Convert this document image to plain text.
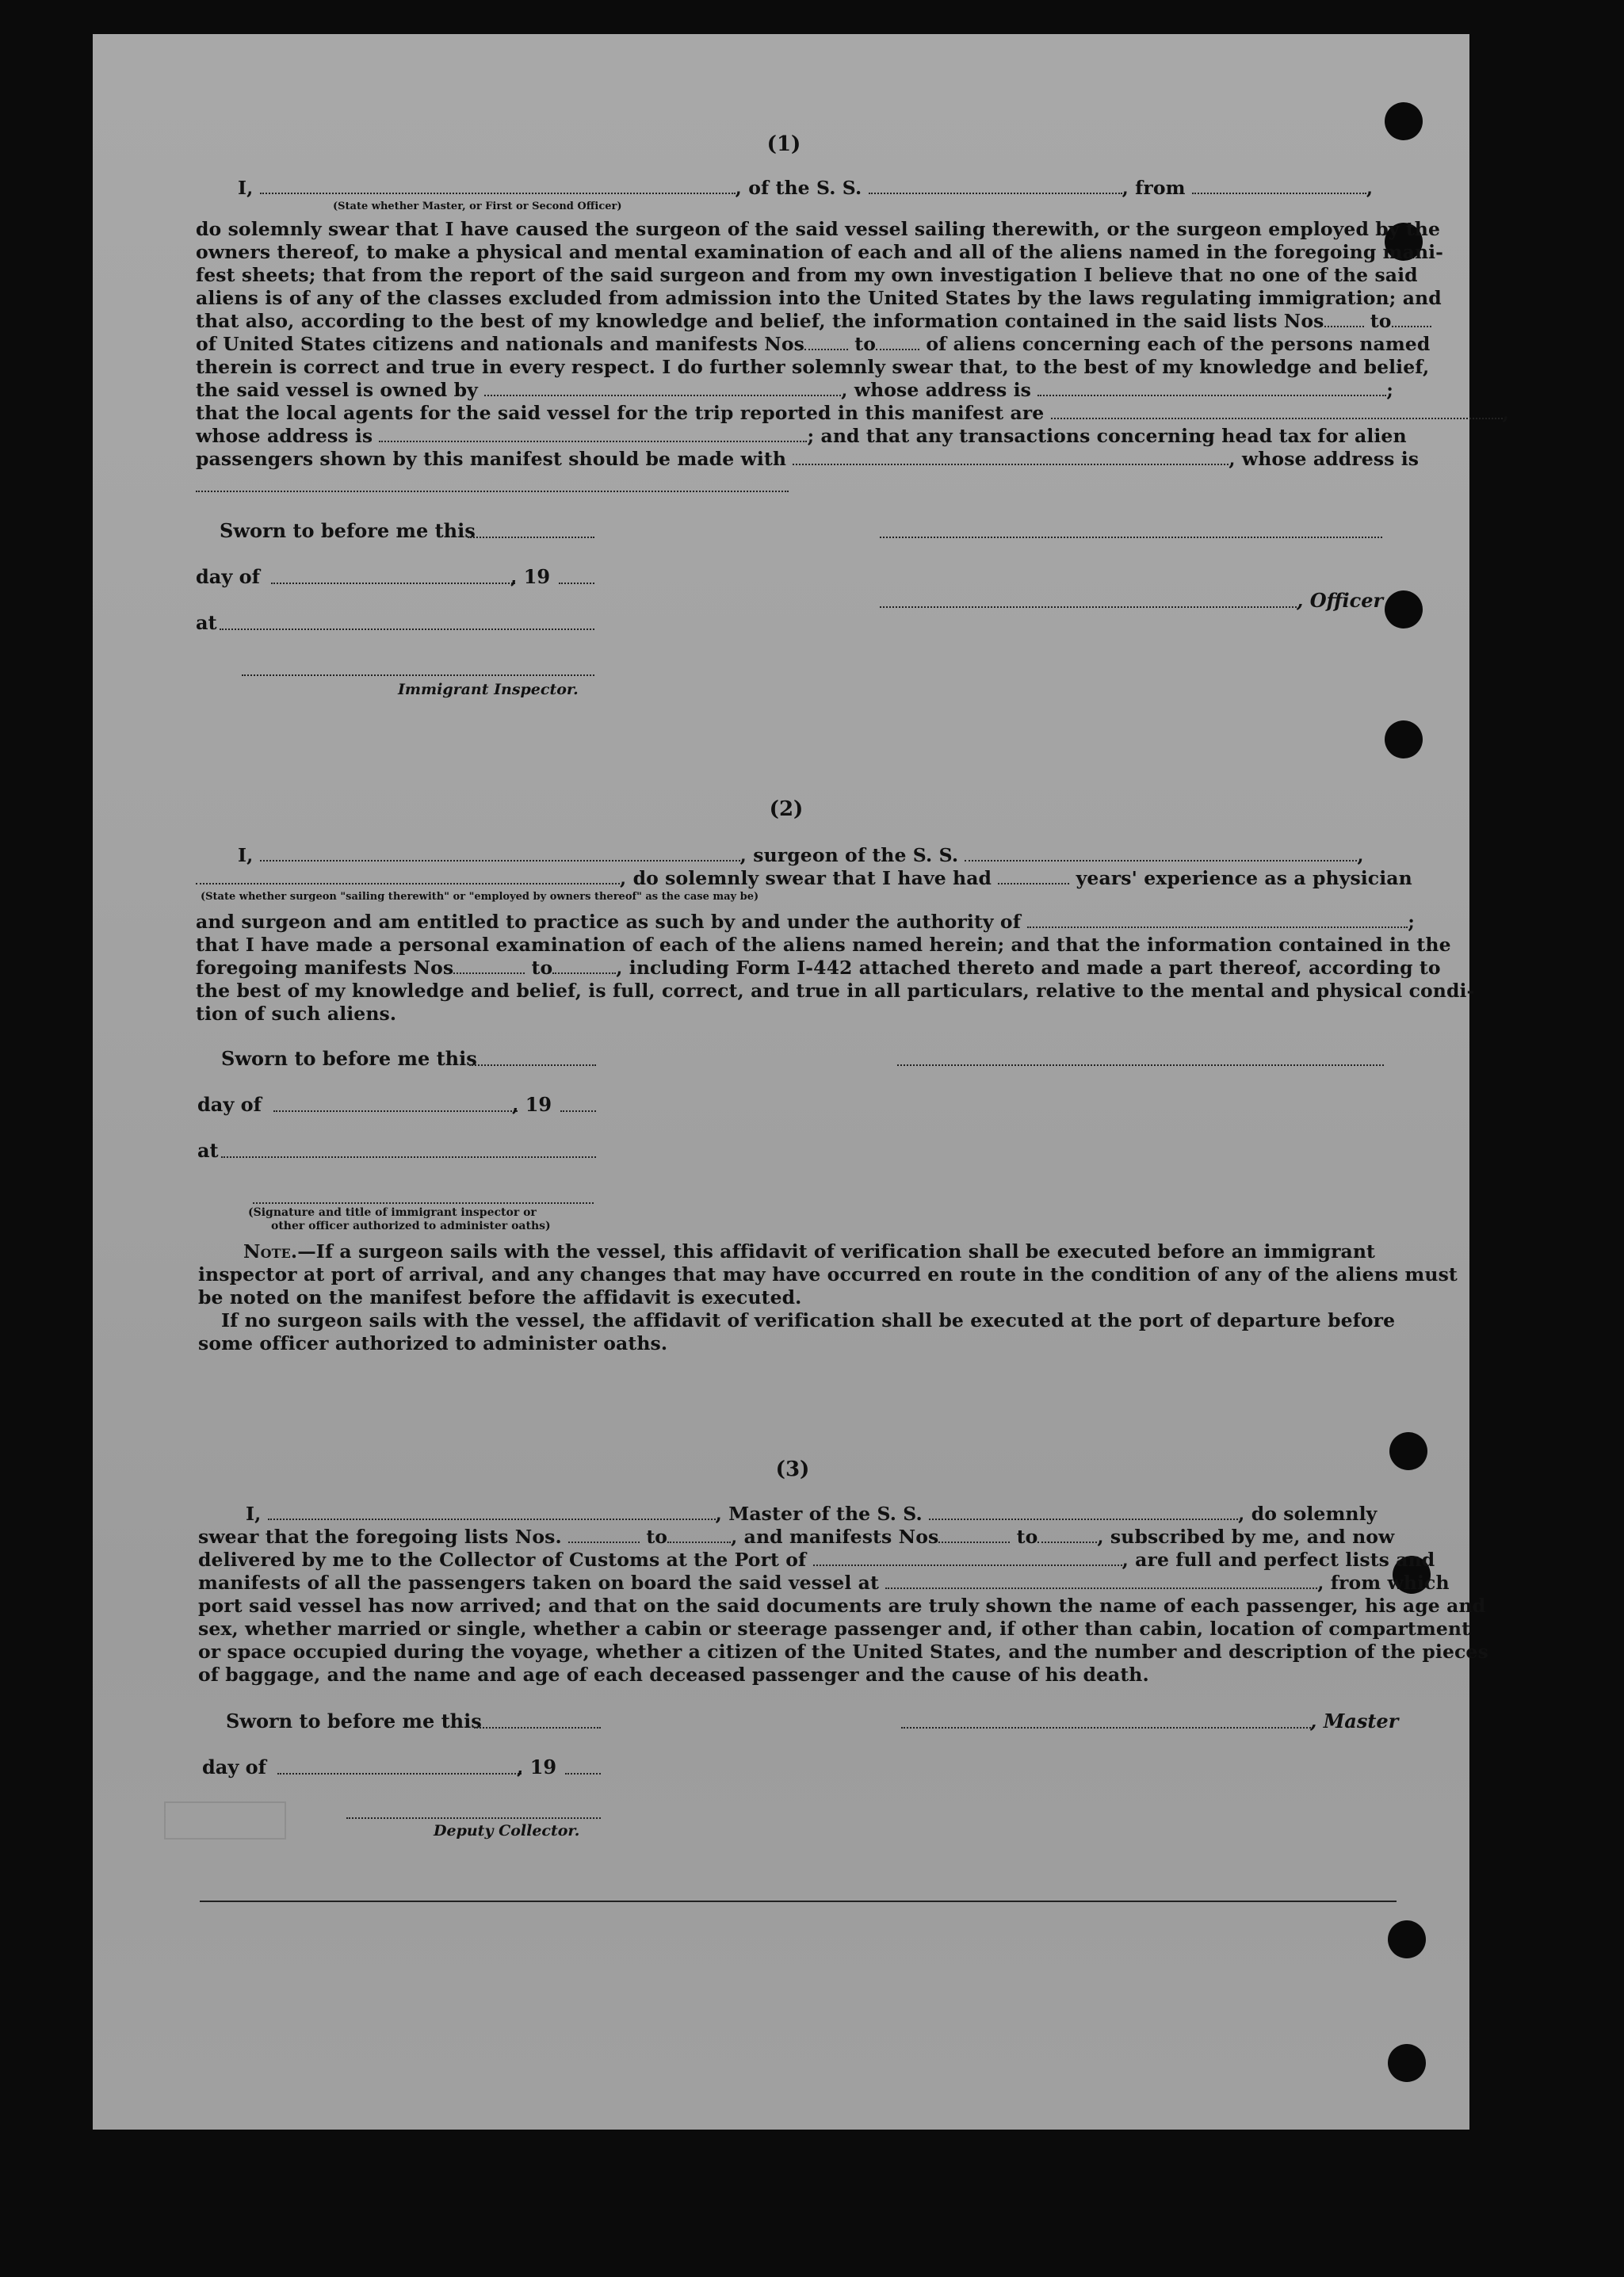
(1)
I,	, of the S. S.	, from	,
(State whether Master, or First or Second Officer)
do solemnly swear that I have caused the surgeon of the said vessel sailing therewith, or the surgeon employed by the
owners thereof, to make a physical and mental examination of each and all of the aliens named in the foregoing mani-
fest sheets; that from the report of the said surgeon and from my own investigation I believe that no one of the said
aliens is of any of the classes excluded from admission into the United States by the laws regulating immigration; and
that also, according to the best of my knowledge and belief, the information contained in the said lists Nos to
of United States citizens and nationals and manifests Nos	to	of aliens concerning each of the persons named
therein is correct and true in every respect. I do further solemnly swear that, to the best of my knowledge and belief,
the said vessel is owned by	, whose address is	;
that the local agents for the said vessel for the trip reported in this manifest are	,
whose address is	; and that any transactions concerning head tax for alien
passengers shown by this manifest should be made with	, whose address is
Sworn to before me this
day of	, 19
, Officer
at
Immigrant Inspector.
(2)
I,	, surgeon of the S. S.	,
, do solemnly swear that I have had	years' experience as a physician
(State whether surgeon "sailing therewith" or "employed by owners thereof" as the case may be)
and surgeon and am entitled to practice as such by and under the authority of	;
that I have made a personal examination of each of the aliens named herein; and that the information contained in the
foregoing manifests Nos	to	, including Form I-442 attached thereto and made a part thereof, according to
the best of my knowledge and belief, is full, correct, and true in all particulars, relative to the mental and physical condi-
tion of such aliens.
Sworn to before me this
day of	, 19
at
(Signature and title of immigrant inspector or
other officer authorized to administer oaths)
Note.—If a surgeon sails with the vessel, this affidavit of verification shall be executed before an immigrant
inspector at port of arrival, and any changes that may have occurred en route in the condition of any of the aliens must
be noted on the manifest before the affidavit is executed.
If no surgeon sails with the vessel, the affidavit of verification shall be executed at the port of departure before
some officer authorized to administer oaths.
(3)
I,	, Master of the S. S.	, do solemnly
swear that the foregoing lists Nos.	to	, and manifests Nos	to	, subscribed by me, and now
delivered by me to the Collector of Customs at the Port of	, are full and perfect lists and
manifests of all the passengers taken on board the said vessel at	, from which
port said vessel has now arrived; and that on the said documents are truly shown the name of each passenger, his age and
sex, whether married or single, whether a cabin or steerage passenger and, if other than cabin, location of compartment
or space occupied during the voyage, whether a citizen of the United States, and the number and description of the pieces
of baggage, and the name and age of each deceased passenger and the cause of his death.
Sworn to before me this	, Master
day of	, 19
Deputy Collector.
